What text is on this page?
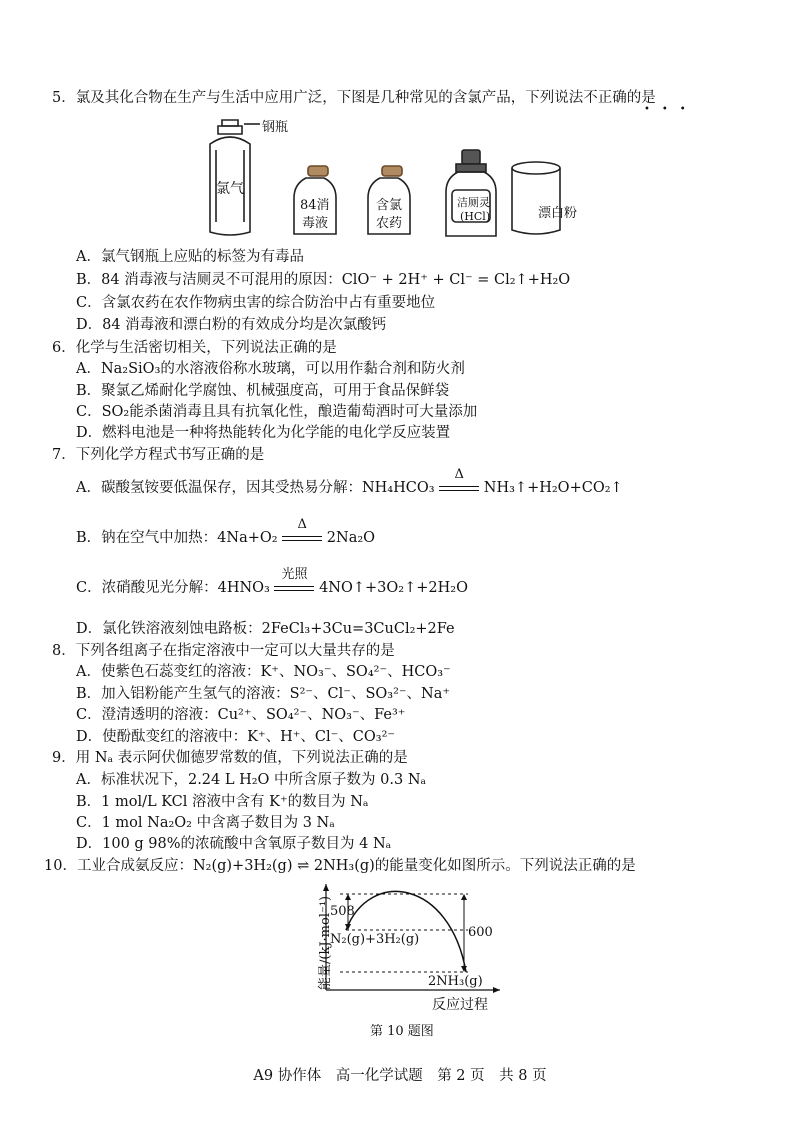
5．氯及其化合物在生产与生活中应用广泛，下图是几种常见的含氯产品，下列说法不正确的是
•••
钢瓶
氯气
84消
毒液
含氯
农药
洁厕灵
(HCl)	漂白粉
A．氯气钢瓶上应贴的标签为有毒品
B．84 消毒液与洁厕灵不可混用的原因：ClO⁻ + 2H⁺ + Cl⁻ = Cl₂↑+H₂O
C．含氯农药在农作物病虫害的综合防治中占有重要地位
D．84 消毒液和漂白粉的有效成分均是次氯酸钙
6．化学与生活密切相关，下列说法正确的是
A．Na₂SiO₃的水溶液俗称水玻璃，可以用作黏合剂和防火剂
B．聚氯乙烯耐化学腐蚀、机械强度高，可用于食品保鲜袋
C．SO₂能杀菌消毒且具有抗氧化性，酿造葡萄酒时可大量添加
D．燃料电池是一种将热能转化为化学能的电化学反应装置
7．下列化学方程式书写正确的是
A．碳酸氢铵要低温保存，因其受热易分解：NH₄HCO₃
Δ
NH₃↑+H₂O+CO₂↑
B．钠在空气中加热：4Na+O₂
Δ
2Na₂O
C．浓硝酸见光分解：4HNO₃
光照
4NO↑+3O₂↑+2H₂O
D．氯化铁溶液刻蚀电路板：2FeCl₃+3Cu=3CuCl₂+2Fe
8．下列各组离子在指定溶液中一定可以大量共存的是
A．使紫色石蕊变红的溶液：K⁺、NO₃⁻、SO₄²⁻、HCO₃⁻
B．加入铝粉能产生氢气的溶液：S²⁻、Cl⁻、SO₃²⁻、Na⁺
C．澄清透明的溶液：Cu²⁺、SO₄²⁻、NO₃⁻、Fe³⁺
D．使酚酞变红的溶液中：K⁺、H⁺、Cl⁻、CO₃²⁻
9．用 Nₐ 表示阿伏伽德罗常数的值，下列说法正确的是
A．标准状况下，2.24 L H₂O 中所含原子数为 0.3 Nₐ
B．1 mol/L KCl 溶液中含有 K⁺的数目为 Nₐ
C．1 mol Na₂O₂ 中含离子数目为 3 Nₐ
D．100 g 98%的浓硫酸中含氧原子数目为 4 Nₐ
10．工业合成氨反应：N₂(g)+3H₂(g) ⇌ 2NH₃(g)的能量变化如图所示。下列说法正确的是
能量/(kJ·mol⁻¹)
508
600
N₂(g)+3H₂(g)
2NH₃(g)
反应过程
第 10 题图
A9 协作体　高一化学试题　第 2 页　共 8 页
